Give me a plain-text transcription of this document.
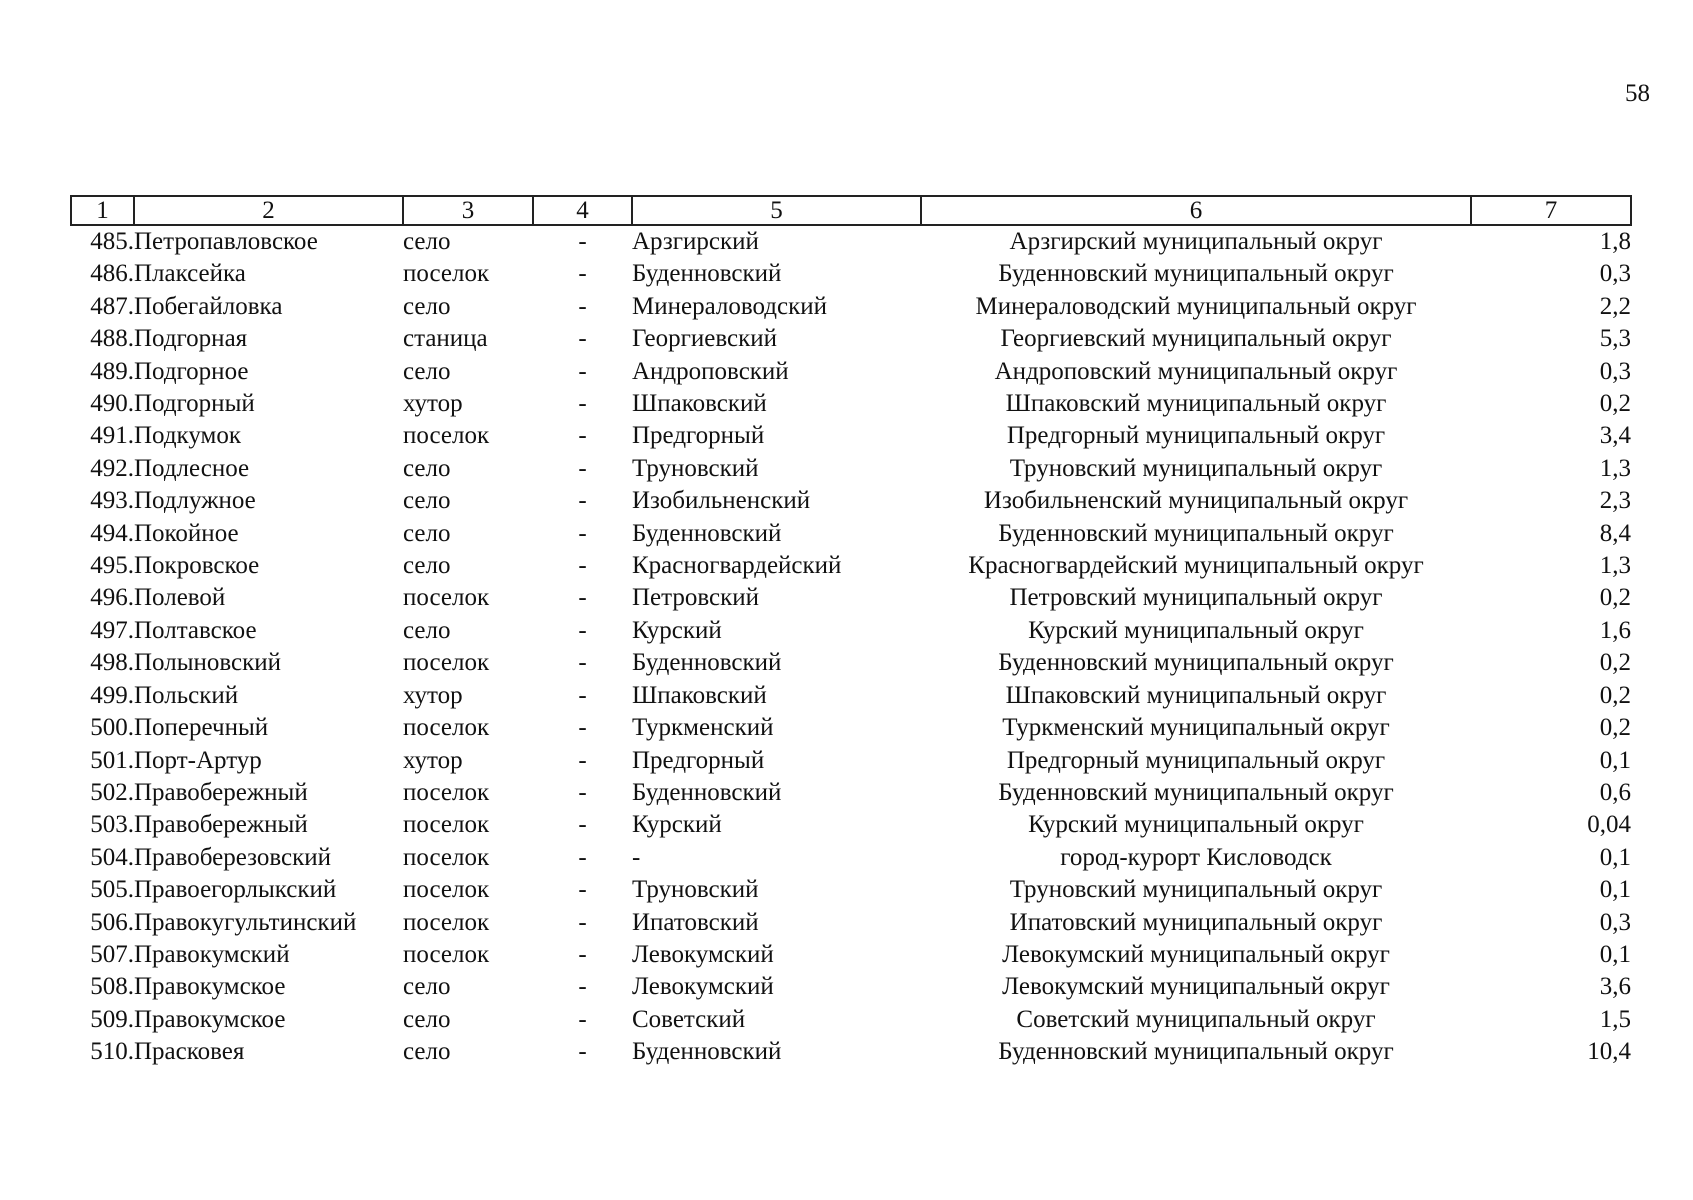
58
1	2	3	4	5	6	7
485.	Петропавловское	село	-	Арзгирский	Арзгирский муниципальный округ	1,8
486.	Плаксейка	поселок	-	Буденновский	Буденновский муниципальный округ	0,3
487.	Побегайловка	село	-	Минераловодский	Минераловодский муниципальный округ	2,2
488.	Подгорная	станица	-	Георгиевский	Георгиевский муниципальный округ	5,3
489.	Подгорное	село	-	Андроповский	Андроповский муниципальный округ	0,3
490.	Подгорный	хутор	-	Шпаковский	Шпаковский муниципальный округ	0,2
491.	Подкумок	поселок	-	Предгорный	Предгорный муниципальный округ	3,4
492.	Подлесное	село	-	Труновский	Труновский муниципальный округ	1,3
493.	Подлужное	село	-	Изобильненский	Изобильненский муниципальный округ	2,3
494.	Покойное	село	-	Буденновский	Буденновский муниципальный округ	8,4
495.	Покровское	село	-	Красногвардейский	Красногвардейский муниципальный округ	1,3
496.	Полевой	поселок	-	Петровский	Петровский муниципальный округ	0,2
497.	Полтавское	село	-	Курский	Курский муниципальный округ	1,6
498.	Полыновский	поселок	-	Буденновский	Буденновский муниципальный округ	0,2
499.	Польский	хутор	-	Шпаковский	Шпаковский муниципальный округ	0,2
500.	Поперечный	поселок	-	Туркменский	Туркменский муниципальный округ	0,2
501.	Порт-Артур	хутор	-	Предгорный	Предгорный муниципальный округ	0,1
502.	Правобережный	поселок	-	Буденновский	Буденновский муниципальный округ	0,6
503.	Правобережный	поселок	-	Курский	Курский муниципальный округ	0,04
504.	Правоберезовский	поселок	-	-	город-курорт Кисловодск	0,1
505.	Правоегорлыкский	поселок	-	Труновский	Труновский муниципальный округ	0,1
506.	Правокугультинский	поселок	-	Ипатовский	Ипатовский муниципальный округ	0,3
507.	Правокумский	поселок	-	Левокумский	Левокумский муниципальный округ	0,1
508.	Правокумское	село	-	Левокумский	Левокумский муниципальный округ	3,6
509.	Правокумское	село	-	Советский	Советский муниципальный округ	1,5
510.	Прасковея	село	-	Буденновский	Буденновский муниципальный округ	10,4
